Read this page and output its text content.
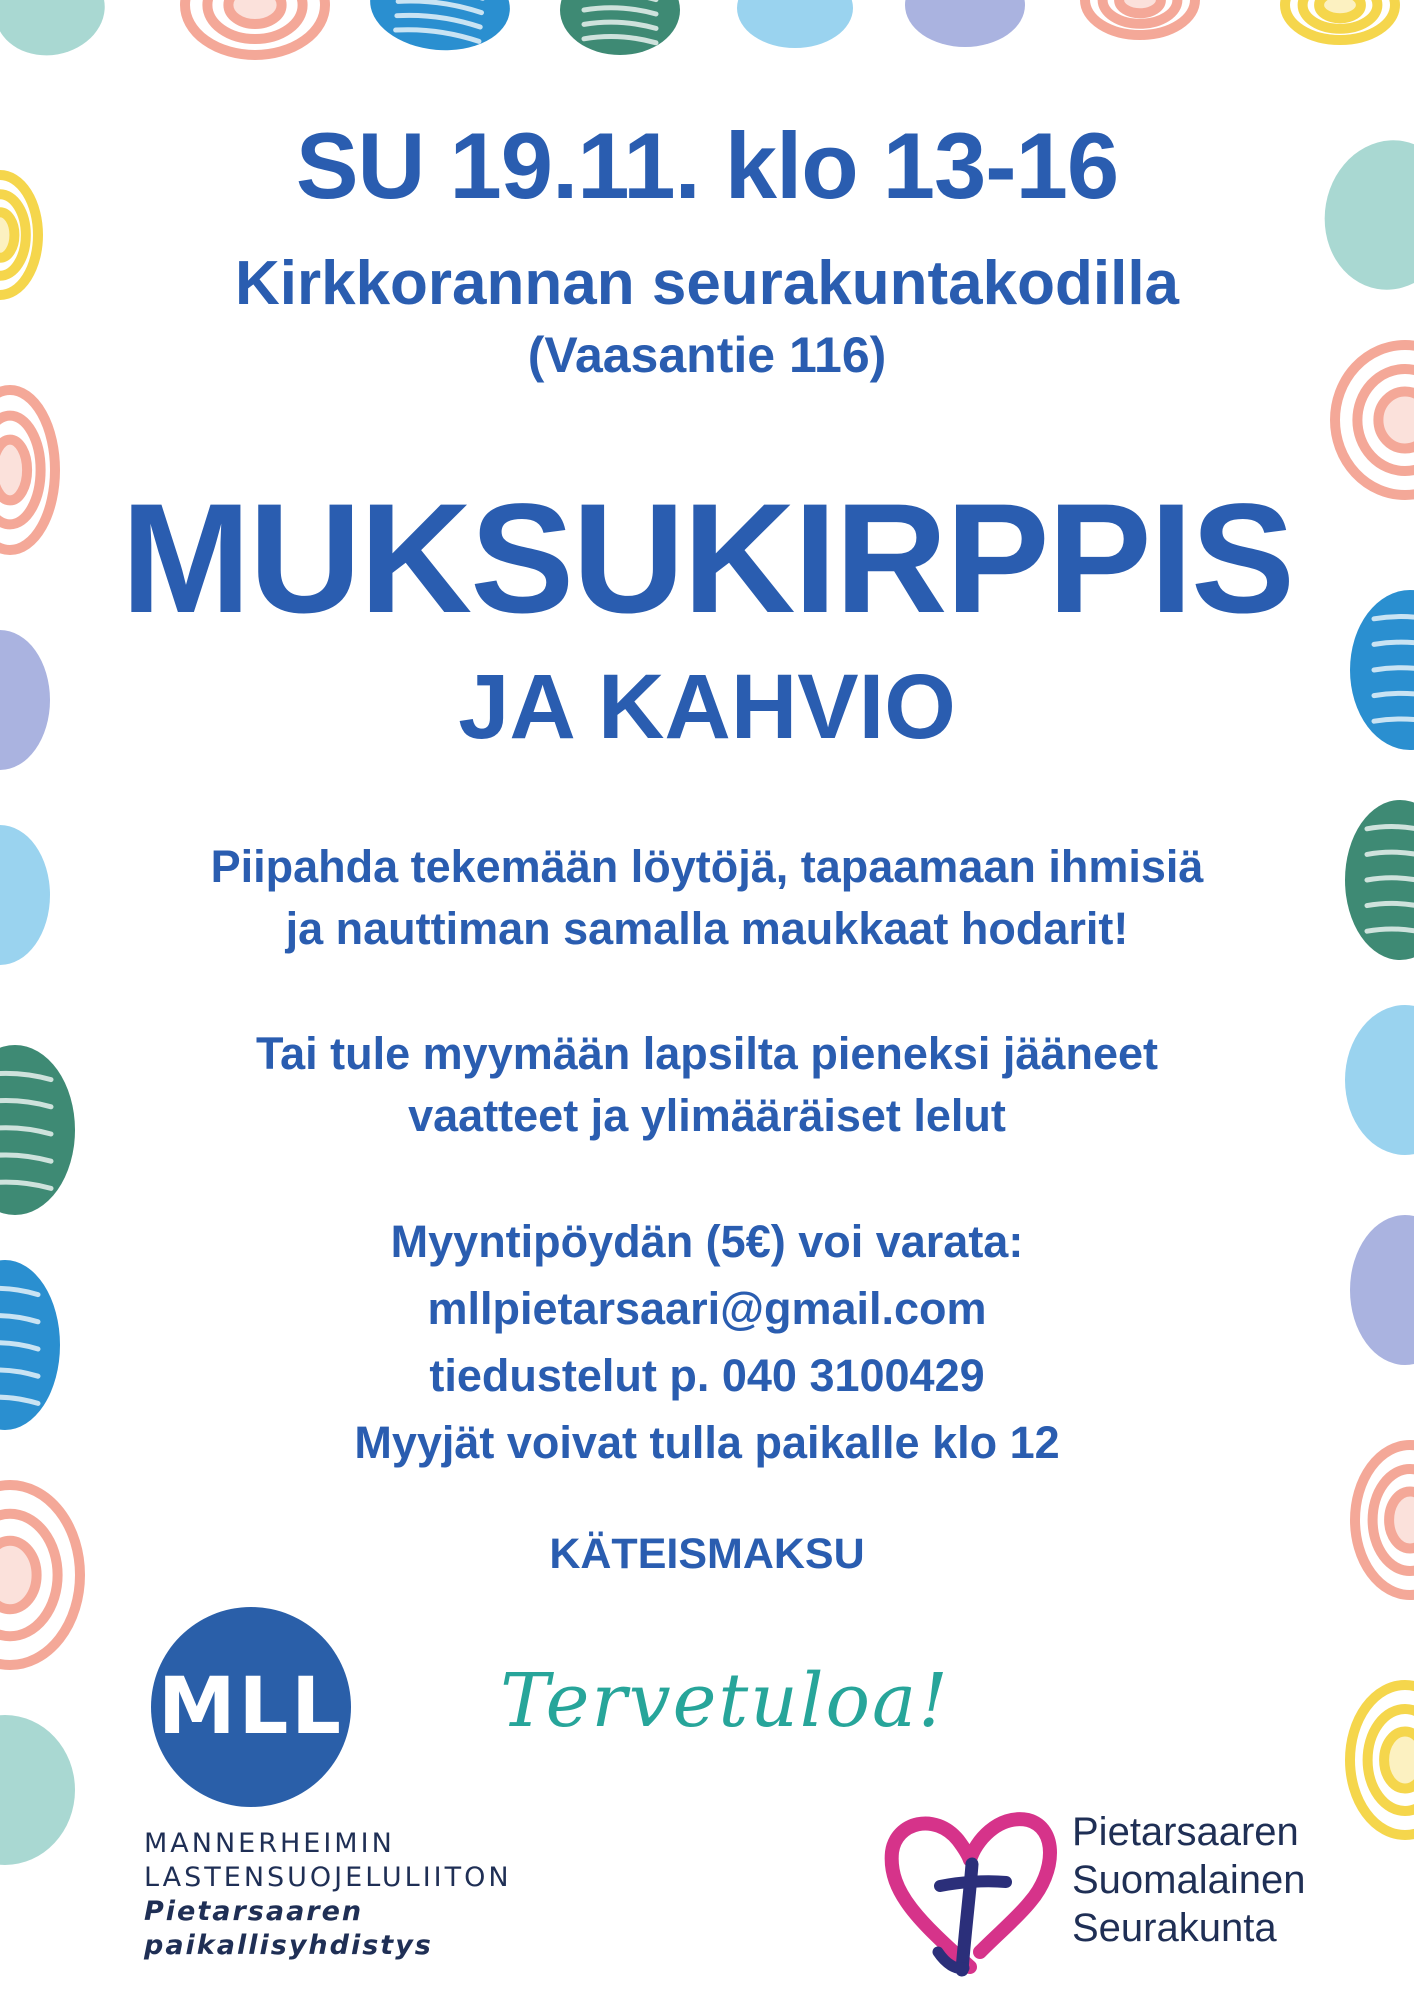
SU 19.11. klo 13-16
Kirkkorannan seurakuntakodilla
(Vaasantie 116)
MUKSUKIRPPIS
JA KAHVIO
Piipahda tekemään löytöjä, tapaamaan ihmisiä
ja nauttiman samalla maukkaat hodarit!
Tai tule myymään lapsilta pieneksi jääneet
vaatteet ja ylimääräiset lelut
Myyntipöydän (5€) voi varata:
mllpietarsaari@gmail.com
tiedustelut p. 040 3100429
Myyjät voivat tulla paikalle klo 12
KÄTEISMAKSU
Tervetuloa!
MLL
MANNERHEIMIN
LASTENSUOJELULIITON
Pietarsaaren
paikallisyhdistys
Pietarsaaren
Suomalainen
Seurakunta
